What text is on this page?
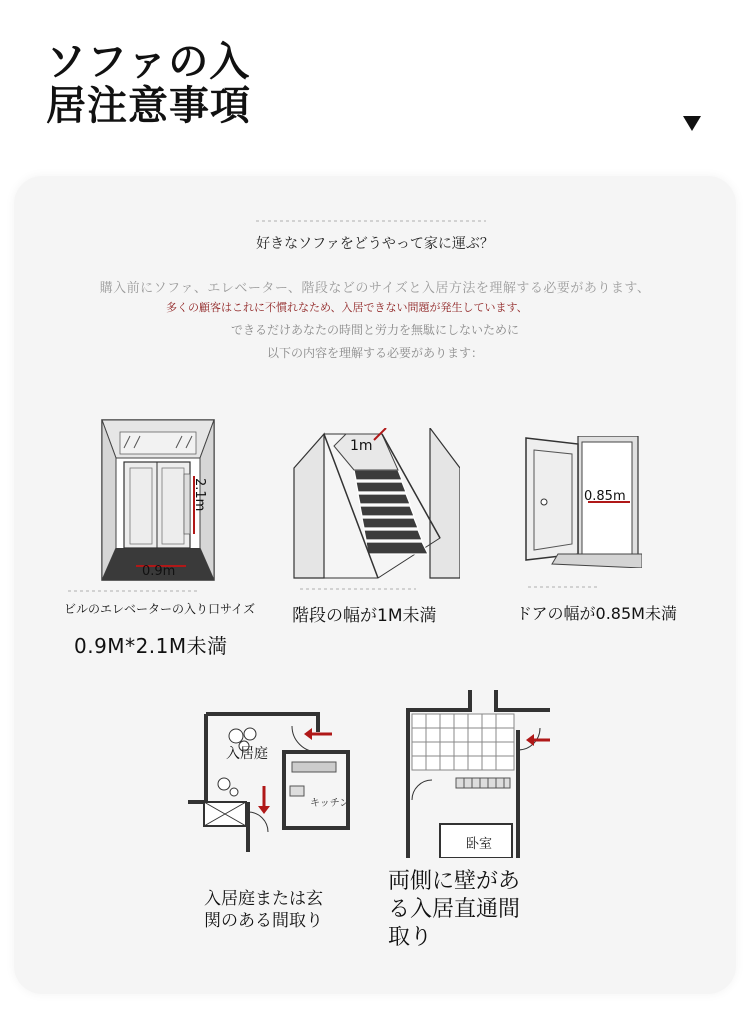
ソファの入
居注意事項
好きなソファをどうやって家に運ぶ？
購入前にソファ、エレベーター、階段などのサイズと入居方法を理解する必要があります、
多くの顧客はこれに不慣れなため、入居できない問題が発生しています、
できるだけあなたの時間と労力を無駄にしないために
以下の内容を理解する必要があります：
0.9m
2.1m
ビルのエレベーターの入り口サイズ
0.9M*2.1M未満
1m
階段の幅が1M未満
0.85m
ドアの幅が0.85M未満
入居庭
キッチン
入居庭または玄
関のある間取り
卧室
両側に壁があ
る入居直通間
取り
